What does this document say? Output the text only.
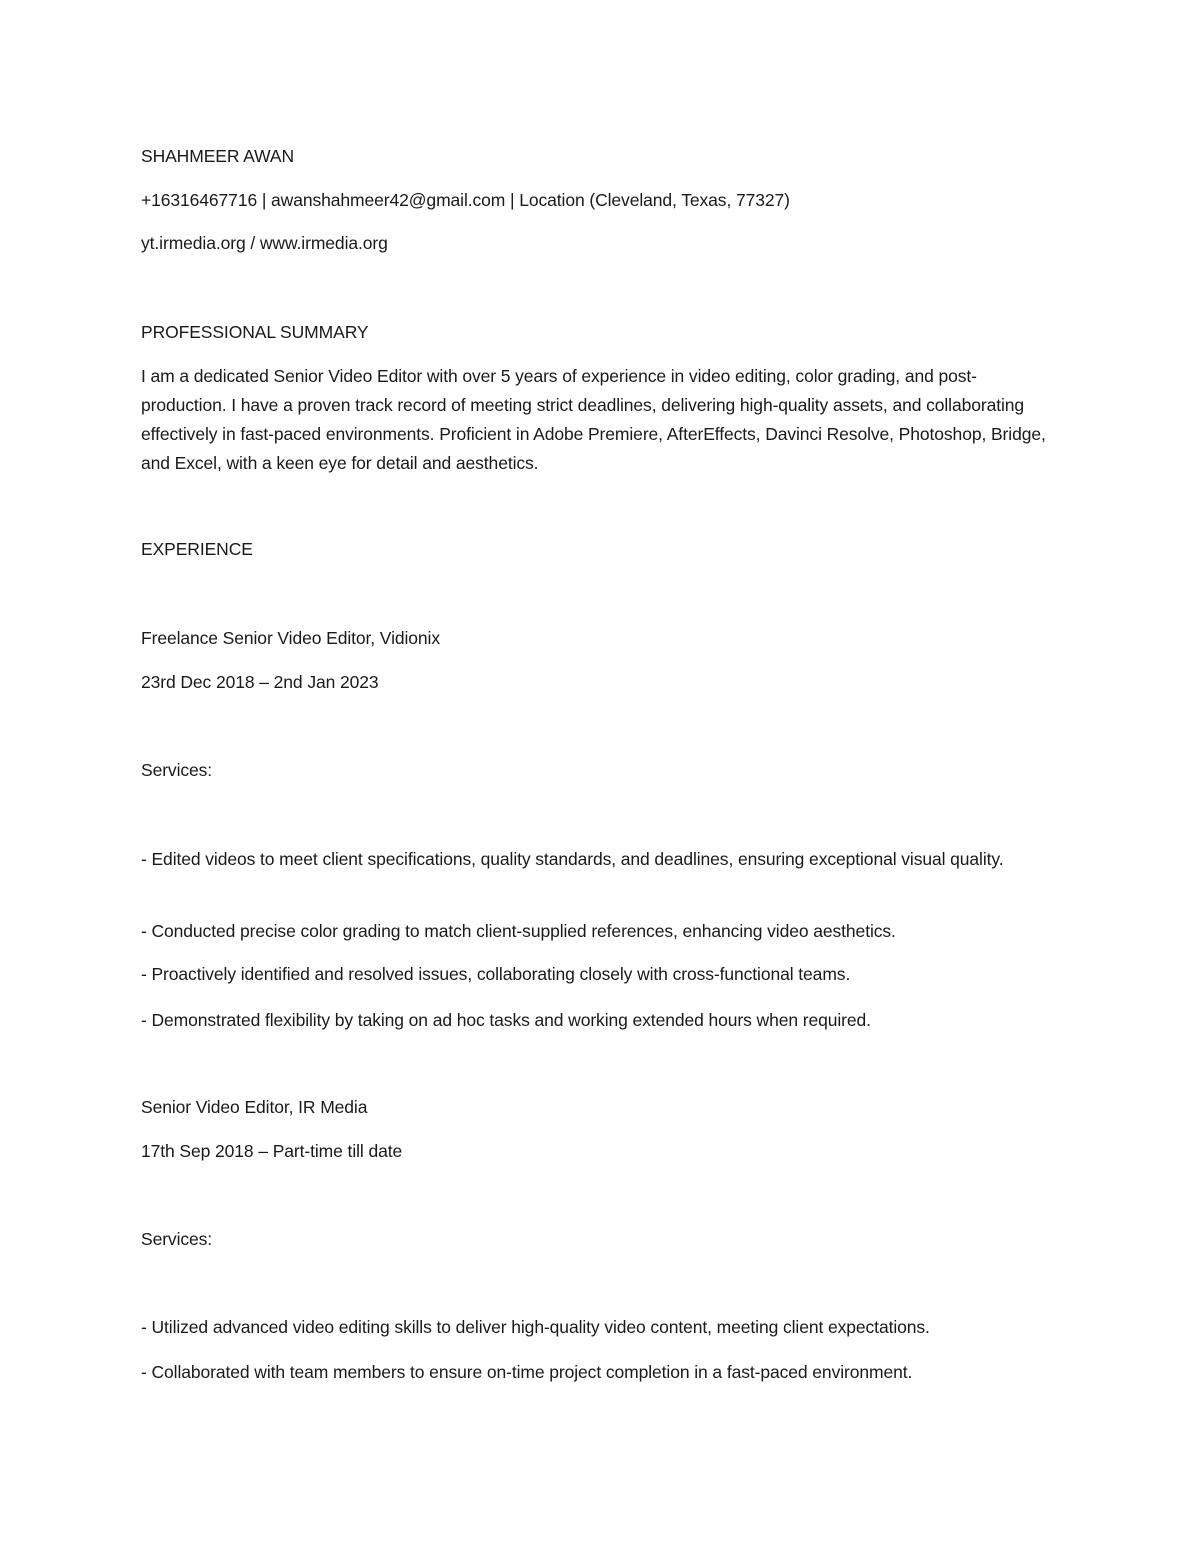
SHAHMEER AWAN
+16316467716 | awanshahmeer42@gmail.com | Location (Cleveland, Texas, 77327)
yt.irmedia.org / www.irmedia.org
PROFESSIONAL SUMMARY
I am a dedicated Senior Video Editor with over 5 years of experience in video editing, color grading, and post-production. I have a proven track record of meeting strict deadlines, delivering high-quality assets, and collaborating effectively in fast-paced environments. Proficient in Adobe Premiere, AfterEffects, Davinci Resolve, Photoshop, Bridge, and Excel, with a keen eye for detail and aesthetics.
EXPERIENCE
Freelance Senior Video Editor, Vidionix
23rd Dec 2018 – 2nd Jan 2023
Services:
- Edited videos to meet client specifications, quality standards, and deadlines, ensuring exceptional visual quality.
- Conducted precise color grading to match client-supplied references, enhancing video aesthetics.
- Proactively identified and resolved issues, collaborating closely with cross-functional teams.
- Demonstrated flexibility by taking on ad hoc tasks and working extended hours when required.
Senior Video Editor, IR Media
17th Sep 2018 – Part-time till date
Services:
- Utilized advanced video editing skills to deliver high-quality video content, meeting client expectations.
- Collaborated with team members to ensure on-time project completion in a fast-paced environment.
